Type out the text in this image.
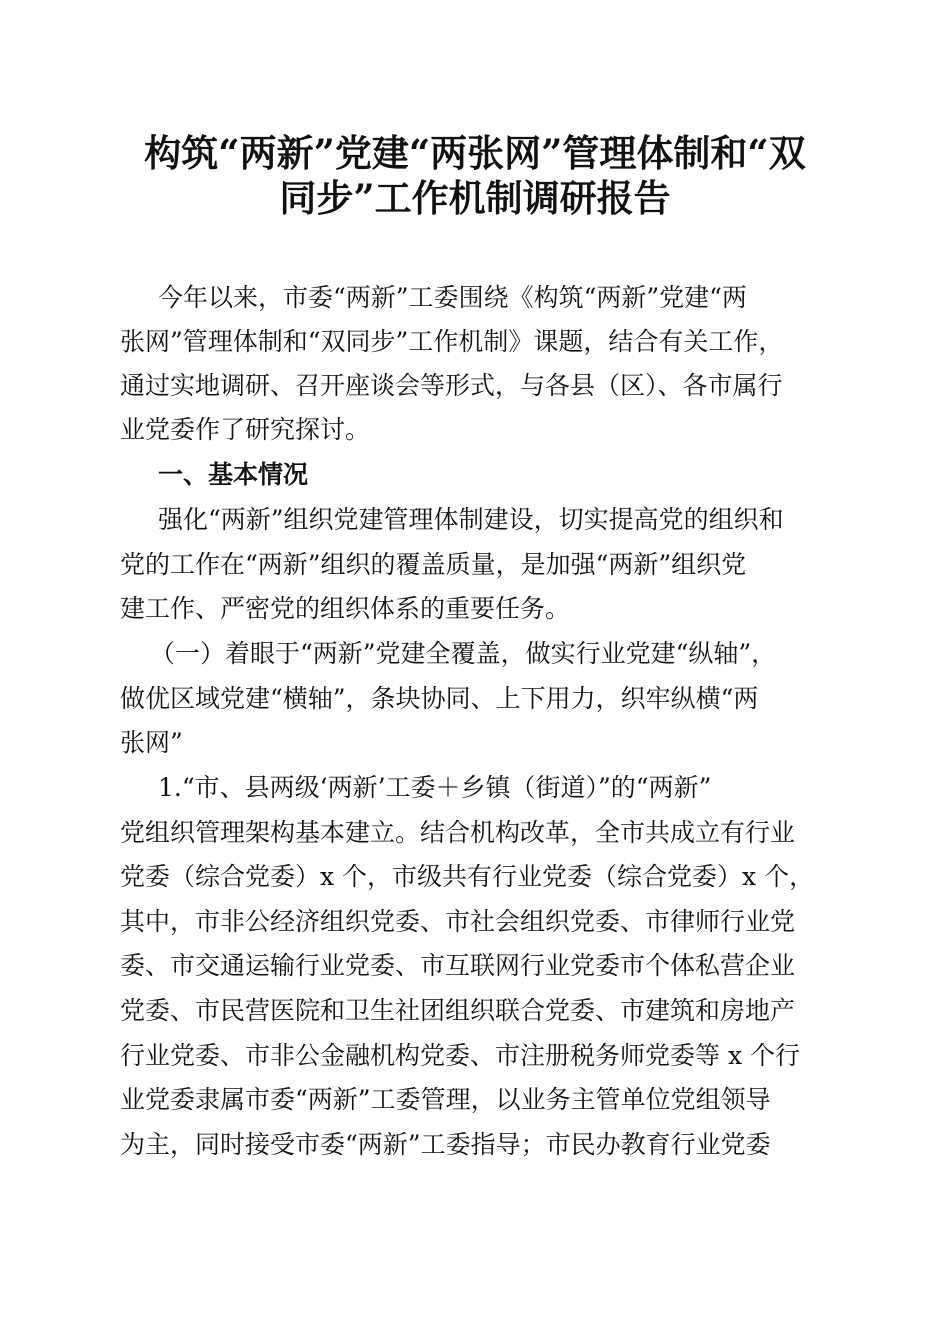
构筑“两新”党建“两张网”管理体制和“双
同步”工作机制调研报告
今年以来，市委“两新”工委围绕《构筑“两新”党建“两
张网”管理体制和“双同步”工作机制》课题，结合有关工作，
通过实地调研、召开座谈会等形式，与各县（区）、各市属行
业党委作了研究探讨。
一、基本情况
强化“两新”组织党建管理体制建设，切实提高党的组织和
党的工作在“两新”组织的覆盖质量，是加强“两新”组织党
建工作、严密党的组织体系的重要任务。
（一）着眼于“两新”党建全覆盖，做实行业党建“纵轴”，
做优区域党建“横轴”，条块协同、上下用力，织牢纵横“两
张网”
1.“市、县两级‘两新’工委＋乡镇（街道）”的“两新”
党组织管理架构基本建立。结合机构改革，全市共成立有行业
党委（综合党委）x 个，市级共有行业党委（综合党委）x 个，
其中，市非公经济组织党委、市社会组织党委、市律师行业党
委、市交通运输行业党委、市互联网行业党委市个体私营企业
党委、市民营医院和卫生社团组织联合党委、市建筑和房地产
行业党委、市非公金融机构党委、市注册税务师党委等 x 个行
业党委隶属市委“两新”工委管理，以业务主管单位党组领导
为主，同时接受市委“两新”工委指导；市民办教育行业党委
